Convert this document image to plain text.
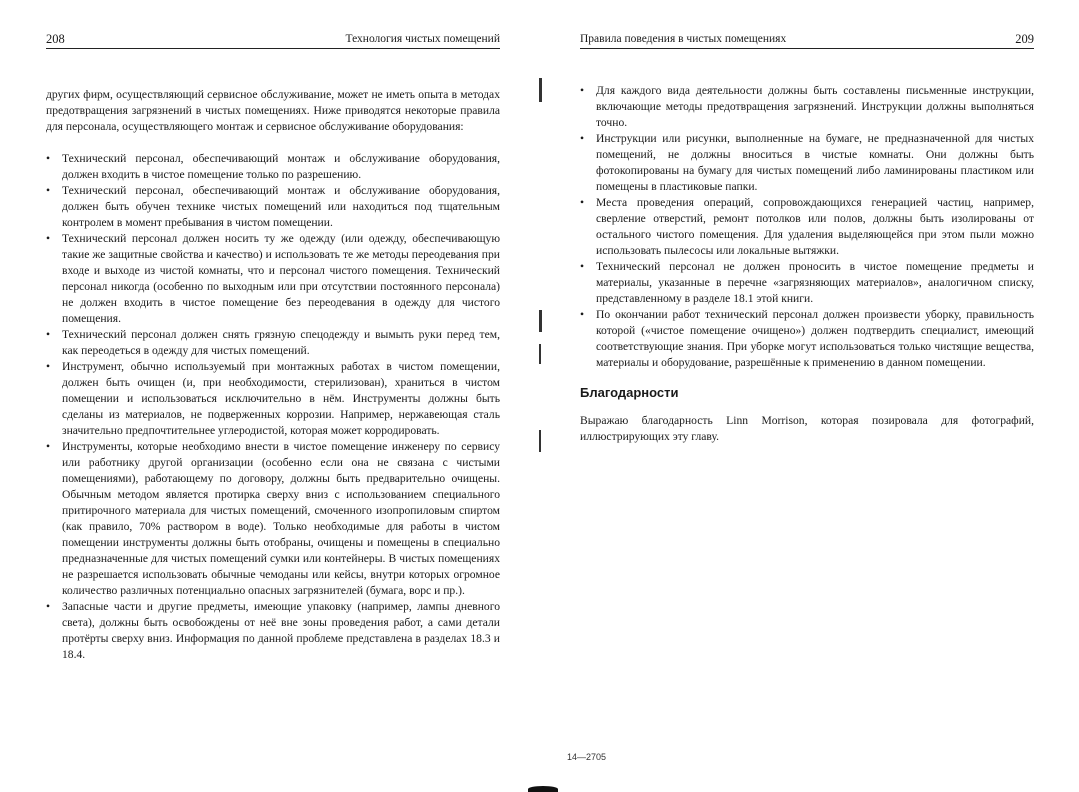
208	Технология чистых помещений

других фирм, осуществляющий сервисное обслуживание, может не иметь опыта в методах предотвращения загрязнений в чистых помещениях. Ниже приводятся некоторые правила для персонала, осуществляющего монтаж и сервисное обслуживание оборудования:

• Технический персонал, обеспечивающий монтаж и обслуживание оборудования, должен входить в чистое помещение только по разрешению.
• Технический персонал, обеспечивающий монтаж и обслуживание оборудования, должен быть обучен технике чистых помещений или находиться под тщательным контролем в момент пребывания в чистом помещении.
• Технический персонал должен носить ту же одежду (или одежду, обеспечивающую такие же защитные свойства и качество) и использовать те же методы переодевания при входе и выходе из чистой комнаты, что и персонал чистого помещения. Технический персонал никогда (особенно по выходным или при отсутствии постоянного персонала) не должен входить в чистое помещение без переодевания в одежду для чистого помещения.
• Технический персонал должен снять грязную спецодежду и вымыть руки перед тем, как переодеться в одежду для чистых помещений.
• Инструмент, обычно используемый при монтажных работах в чистом помещении, должен быть очищен (и, при необходимости, стерилизован), храниться в чистом помещении и использоваться исключительно в нём. Инструменты должны быть сделаны из материалов, не подверженных коррозии. Например, нержавеющая сталь значительно предпочтительнее углеродистой, которая может корродировать.
• Инструменты, которые необходимо внести в чистое помещение инженеру по сервису или работнику другой организации (особенно если она не связана с чистыми помещениями), работающему по договору, должны быть предварительно очищены. Обычным методом является протирка сверху вниз с использованием специального притирочного материала для чистых помещений, смоченного изопропиловым спиртом (как правило, 70% раствором в воде). Только необходимые для работы в чистом помещении инструменты должны быть отобраны, очищены и помещены в специально предназначенные для чистых помещений сумки или контейнеры. В чистых помещениях не разрешается использовать обычные чемоданы или кейсы, внутри которых огромное количество различных потенциально опасных загрязнителей (бумага, ворс и пр.).
• Запасные части и другие предметы, имеющие упаковку (например, лампы дневного света), должны быть освобождены от неё вне зоны проведения работ, а сами детали протёрты сверху вниз. Информация по данной проблеме представлена в разделах 18.3 и 18.4.
Правила поведения в чистых помещениях	209
• Для каждого вида деятельности должны быть составлены письменные инструкции, включающие методы предотвращения загрязнений. Инструкции должны выполняться точно.
• Инструкции или рисунки, выполненные на бумаге, не предназначенной для чистых помещений, не должны вноситься в чистые комнаты. Они должны быть фотокопированы на бумагу для чистых помещений либо ламинированы пластиком или помещены в пластиковые папки.
• Места проведения операций, сопровождающихся генерацией частиц, например, сверление отверстий, ремонт потолков или полов, должны быть изолированы от остального чистого помещения. Для удаления выделяющейся при этом пыли можно использовать пылесосы или локальные вытяжки.
• Технический персонал не должен проносить в чистое помещение предметы и материалы, указанные в перечне «загрязняющих материалов», аналогичном списку, представленному в разделе 18.1 этой книги.
• По окончании работ технический персонал должен произвести уборку, правильность которой («чистое помещение очищено») должен подтвердить специалист, имеющий соответствующие знания. При уборке могут использоваться только чистящие вещества, материалы и оборудование, разрешённые к применению в данном помещении.
Благодарности

Выражаю благодарность Linn Morrison, которая позировала для фотографий, иллюстрирующих эту главу.

14—2705
